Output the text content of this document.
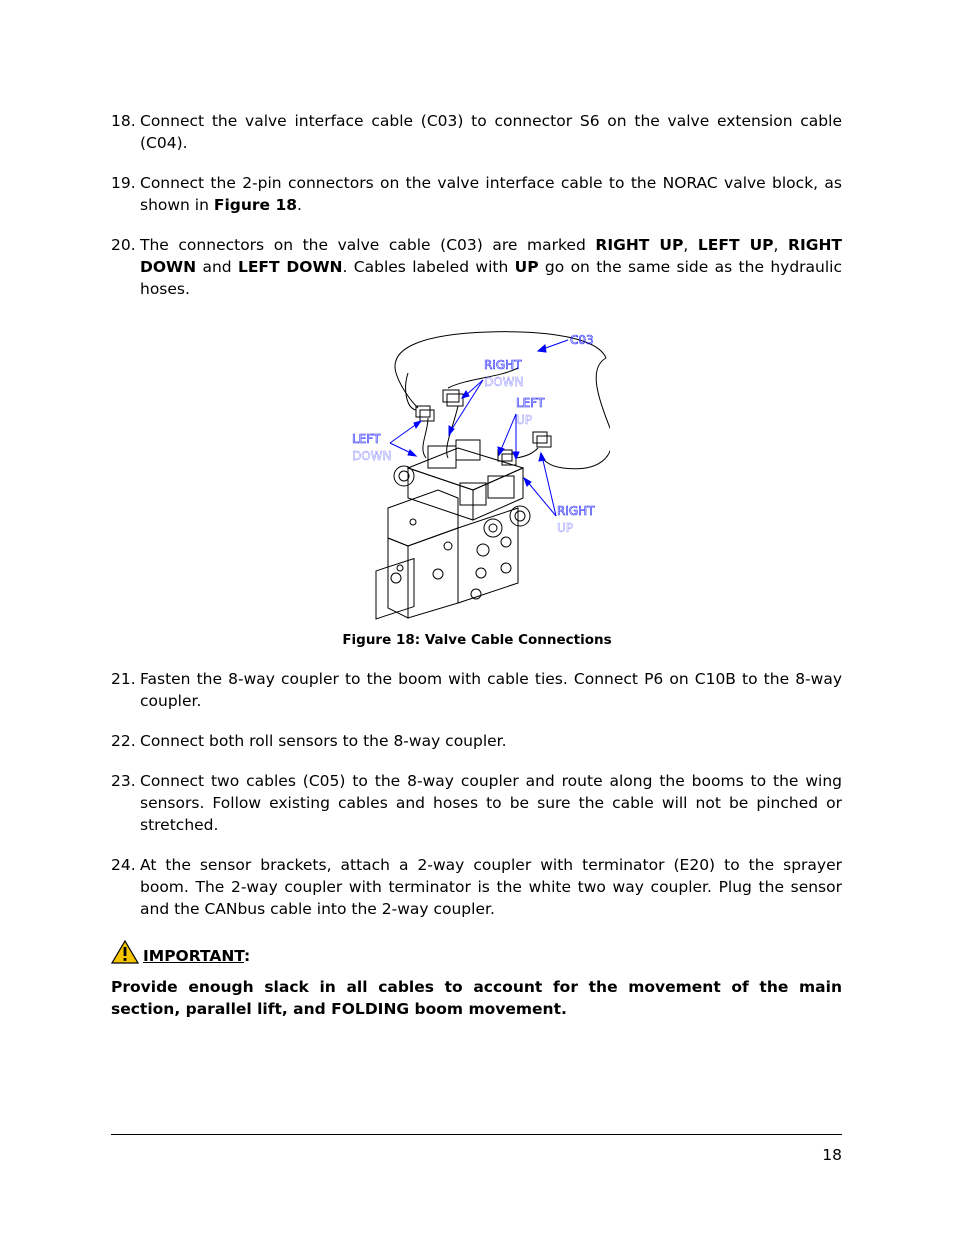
18. Connect the valve interface cable (C03) to connector S6 on the valve extension cable (C04).
19. Connect the 2-pin connectors on the valve interface cable to the NORAC valve block, as shown in Figure 18.
20. The connectors on the valve cable (C03) are marked RIGHT UP, LEFT UP, RIGHT DOWN and LEFT DOWN. Cables labeled with UP go on the same side as the hydraulic hoses.
C03
RIGHT
DOWN
LEFT
UP
LEFT
DOWN
RIGHT
UP
Figure 18: Valve Cable Connections
21. Fasten the 8-way coupler to the boom with cable ties. Connect P6 on C10B to the 8-way coupler.
22. Connect both roll sensors to the 8-way coupler.
23. Connect two cables (C05) to the 8-way coupler and route along the booms to the wing sensors. Follow existing cables and hoses to be sure the cable will not be pinched or stretched.
24. At the sensor brackets, attach a 2-way coupler with terminator (E20) to the sprayer boom. The 2-way coupler with terminator is the white two way coupler. Plug the sensor and the CANbus cable into the 2-way coupler.
IMPORTANT:
Provide enough slack in all cables to account for the movement of the main section, parallel lift, and FOLDING boom movement.
18
